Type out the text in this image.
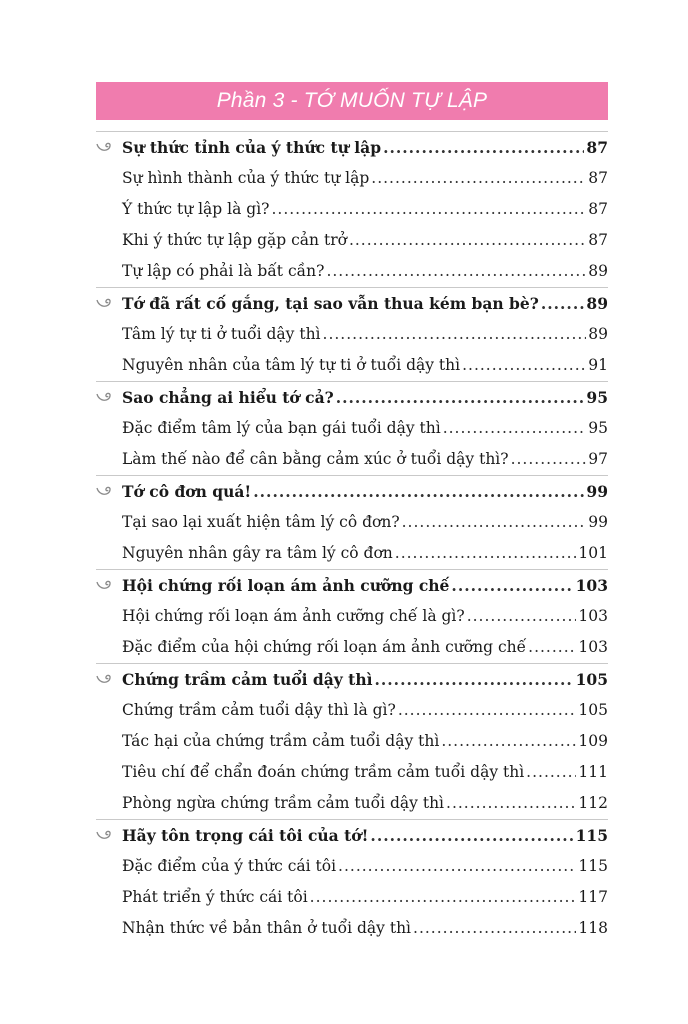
Phần 3 - TỚ MUỐN TỰ LẬP
Sự thức tỉnh của ý thức tự lập .....	87
Sự hình thành của ý thức tự lập .....	87
Ý thức tự lập là gì? .....	87
Khi ý thức tự lập gặp cản trở .....	87
Tự lập có phải là bất cần? .....	89
Tớ đã rất cố gắng, tại sao vẫn thua kém bạn bè? .....	89
Tâm lý tự ti ở tuổi dậy thì .....	89
Nguyên nhân của tâm lý tự ti ở tuổi dậy thì .....	91
Sao chẳng ai hiểu tớ cả? .....	95
Đặc điểm tâm lý của bạn gái tuổi dậy thì .....	95
Làm thế nào để cân bằng cảm xúc ở tuổi dậy thì? .....	97
Tớ cô đơn quá! .....	99
Tại sao lại xuất hiện tâm lý cô đơn? .....	99
Nguyên nhân gây ra tâm lý cô đơn .....	101
Hội chứng rối loạn ám ảnh cưỡng chế .....	103
Hội chứng rối loạn ám ảnh cưỡng chế là gì? .....	103
Đặc điểm của hội chứng rối loạn ám ảnh cưỡng chế .....	103
Chứng trầm cảm tuổi dậy thì .....	105
Chứng trầm cảm tuổi dậy thì là gì? .....	105
Tác hại của chứng trầm cảm tuổi dậy thì .....	109
Tiêu chí để chẩn đoán chứng trầm cảm tuổi dậy thì .....	111
Phòng ngừa chứng trầm cảm tuổi dậy thì .....	112
Hãy tôn trọng cái tôi của tớ! .....	115
Đặc điểm của ý thức cái tôi .....	115
Phát triển ý thức cái tôi .....	117
Nhận thức về bản thân ở tuổi dậy thì .....	118
